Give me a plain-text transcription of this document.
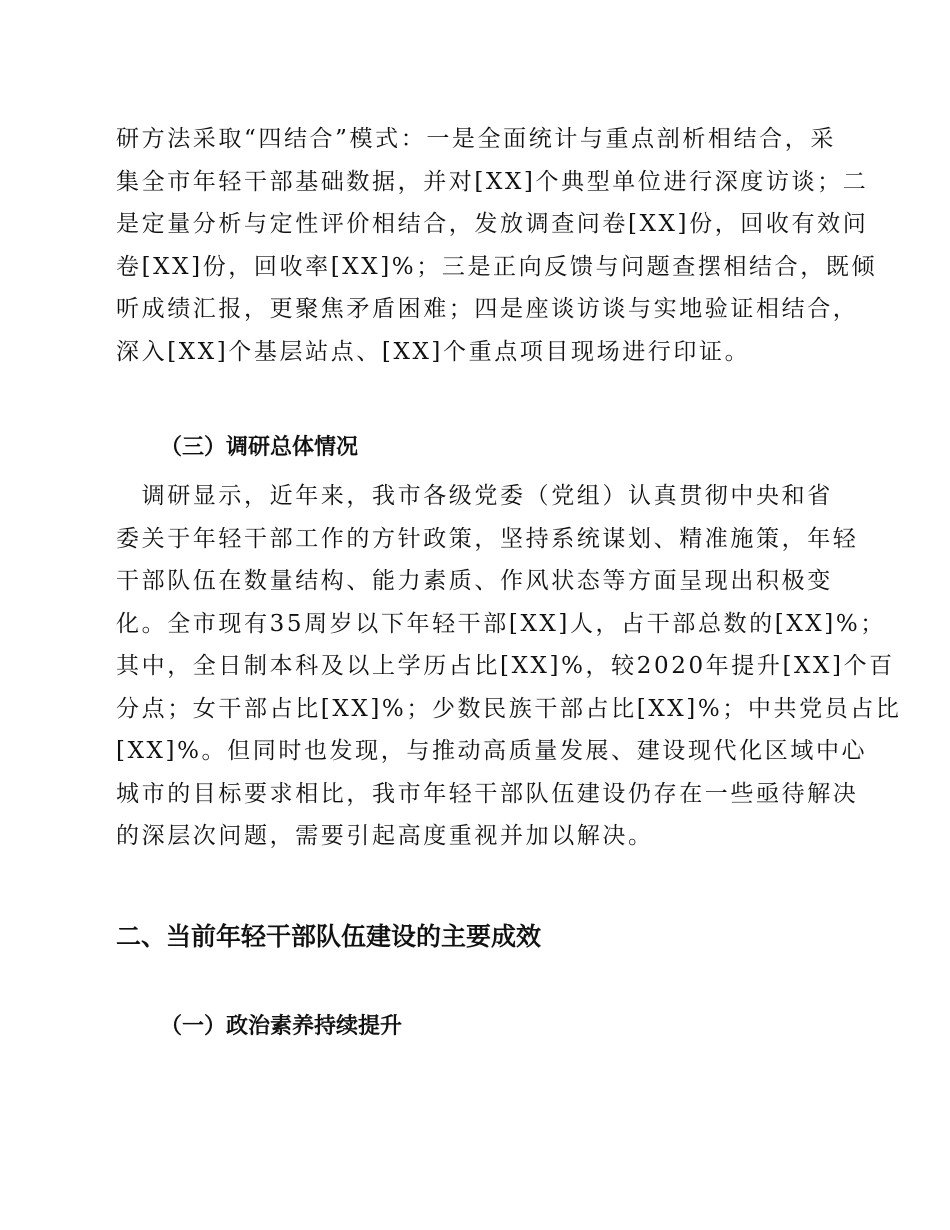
研方法采取“四结合”模式：一是全面统计与重点剖析相结合，采
集全市年轻干部基础数据，并对[XX]个典型单位进行深度访谈；二
是定量分析与定性评价相结合，发放调查问卷[XX]份，回收有效问
卷[XX]份，回收率[XX]%；三是正向反馈与问题查摆相结合，既倾
听成绩汇报，更聚焦矛盾困难；四是座谈访谈与实地验证相结合，
深入[XX]个基层站点、[XX]个重点项目现场进行印证。
（三）调研总体情况
　调研显示，近年来，我市各级党委（党组）认真贯彻中央和省
委关于年轻干部工作的方针政策，坚持系统谋划、精准施策，年轻
干部队伍在数量结构、能力素质、作风状态等方面呈现出积极变
化。全市现有35周岁以下年轻干部[XX]人，占干部总数的[XX]%；
其中，全日制本科及以上学历占比[XX]%，较2020年提升[XX]个百
分点；女干部占比[XX]%；少数民族干部占比[XX]%；中共党员占比
[XX]%。但同时也发现，与推动高质量发展、建设现代化区域中心
城市的目标要求相比，我市年轻干部队伍建设仍存在一些亟待解决
的深层次问题，需要引起高度重视并加以解决。
二、当前年轻干部队伍建设的主要成效
（一）政治素养持续提升
